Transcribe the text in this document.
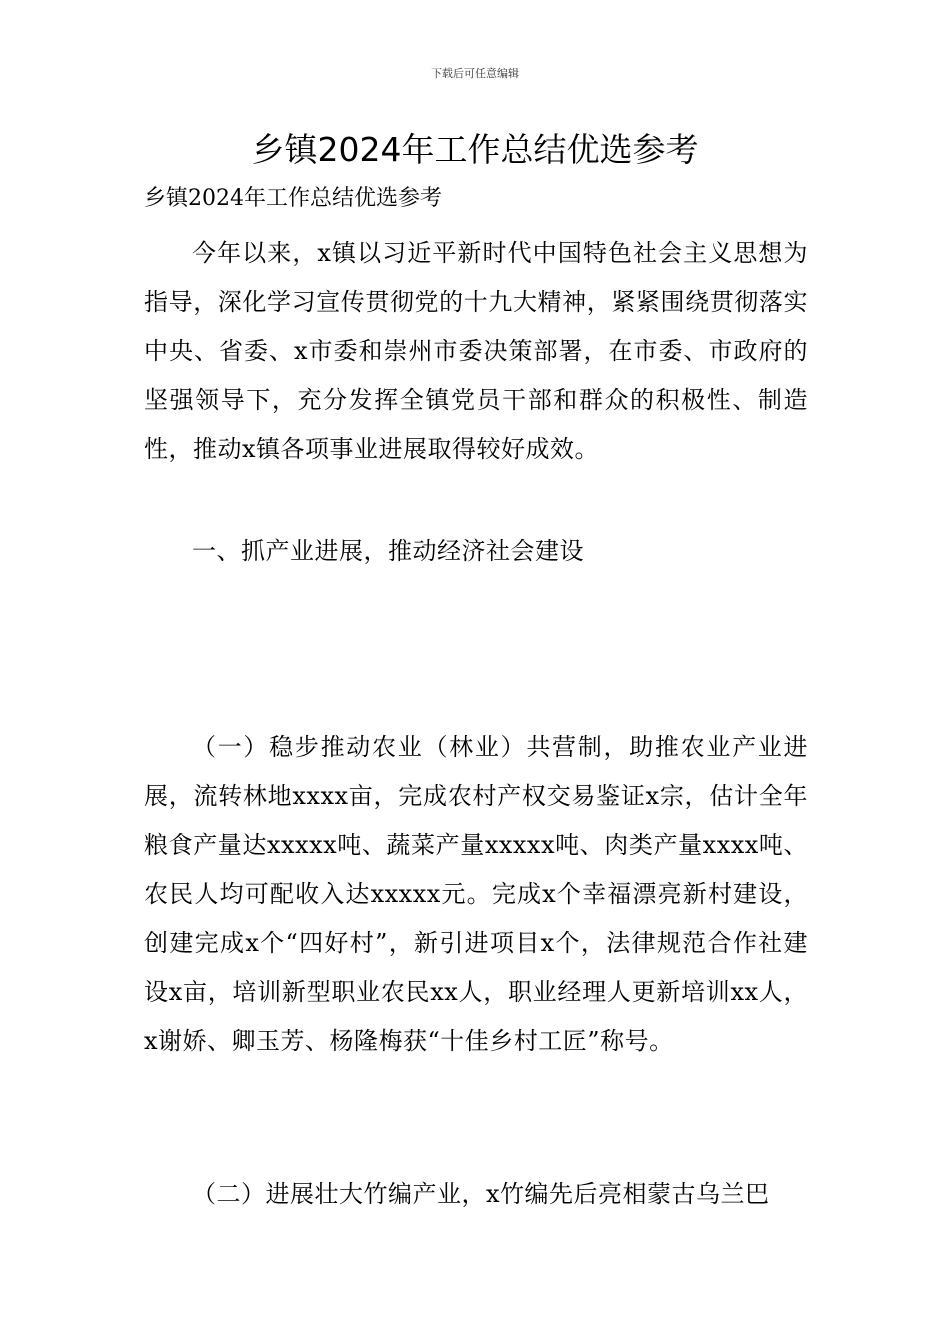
下载后可任意编辑
乡镇2024年工作总结优选参考

乡镇2024年工作总结优选参考

今年以来，x镇以习近平新时代中国特色社会主义思想为指导，深化学习宣传贯彻党的十九大精神，紧紧围绕贯彻落实中央、省委、x市委和崇州市委决策部署，在市委、市政府的坚强领导下，充分发挥全镇党员干部和群众的积极性、制造性，推动x镇各项事业进展取得较好成效。

一、抓产业进展，推动经济社会建设

（一）稳步推动农业（林业）共营制，助推农业产业进展，流转林地xxxx亩，完成农村产权交易鉴证x宗，估计全年粮食产量达xxxxx吨、蔬菜产量xxxxx吨、肉类产量xxxx吨、农民人均可配收入达xxxxx元。完成x个幸福漂亮新村建设，创建完成x个“四好村”，新引进项目x个，法律规范合作社建设x亩，培训新型职业农民xx人，职业经理人更新培训xx人，x谢娇、卿玉芳、杨隆梅获“十佳乡村工匠”称号。

（二）进展壮大竹编产业，x竹编先后亮相蒙古乌兰巴
